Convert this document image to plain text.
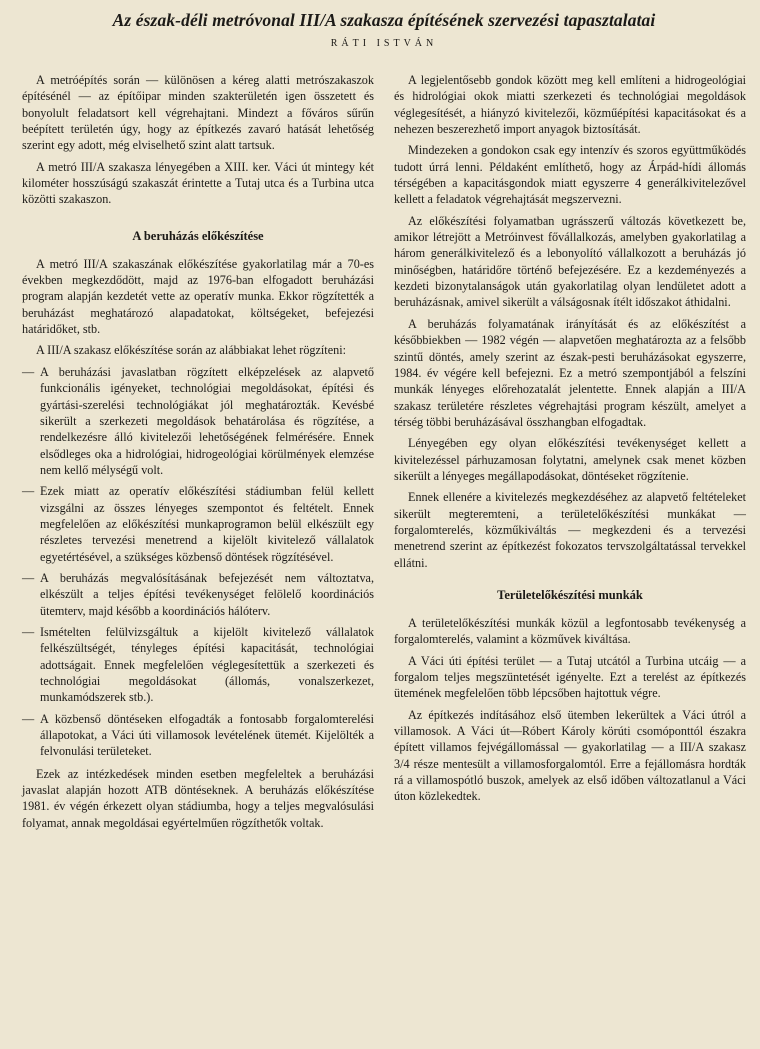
Az észak-déli metróvonal III/A szakasza építésének szervezési tapasztalatai
RÁTI ISTVÁN

A metróépítés során — különösen a kéreg alatti metrószakaszok építésénél — az építőipar minden szakterületén igen összetett és bonyolult feladatsort kell végrehajtani. Mindezt a főváros sűrűn beépített területén úgy, hogy az építkezés zavaró hatását lehetőség szerint egy adott, még elviselhető szint alatt tartsuk.

A metró III/A szakasza lényegében a XIII. ker. Váci út mintegy két kilométer hosszúságú szakaszát érintette a Tutaj utca és a Turbina utca közötti szakaszon.

A beruházás előkészítése

A metró III/A szakaszának előkészítése gyakorlatilag már a 70-es években megkezdődött, majd az 1976-ban elfogadott beruházási program alapján kezdetét vette az operatív munka. Ekkor rögzítették a beruházást meghatározó alapadatokat, költségeket, befejezési határidőket, stb.

A III/A szakasz előkészítése során az alábbiakat lehet rögzíteni:

— A beruházási javaslatban rögzített elképzelések az alapvető funkcionális igényeket, technológiai megoldásokat, építési és gyártási-szerelési technológiákat jól meghatározták. Kevésbé sikerült a szerkezeti megoldások behatárolása és rögzítése, a rendelkezésre álló kivitelezői lehetőségének felmérésére. Ennek elsődleges oka a hidrológiai, hidrogeológiai körülmények elemzése nem kellő mélységű volt.
— Ezek miatt az operatív előkészítési stádiumban felül kellett vizsgálni az összes lényeges szempontot és feltételt. Ennek megfelelően az előkészítési munkaprogramon belül elkészült egy részletes tervezési menetrend a kijelölt kivitelező vállalatok egyetértésével, a szükséges közbenső döntések rögzítésével.
— A beruházás megvalósításának befejezését nem változtatva, elkészült a teljes építési tevékenységet felölelő koordinációs ütemterv, majd később a koordinációs hálóterv.
— Ismételten felülvizsgáltuk a kijelölt kivitelező vállalatok felkészültségét, tényleges építési kapacitását, technológiai adottságait. Ennek megfelelően véglegesítettük a szerkezeti és technológiai megoldásokat (állomás, vonalszerkezet, munkamódszerek stb.).
— A közbenső döntéseken elfogadták a fontosabb forgalomterelési állapotokat, a Váci úti villamosok levételének ütemét. Kijelölték a felvonulási területeket.

Ezek az intézkedések minden esetben megfeleltek a beruházási javaslat alapján hozott ATB döntéseknek. A beruházás előkészítése 1981. év végén érkezett olyan stádiumba, hogy a teljes megvalósulási folyamat, annak megoldásai egyértelműen rögzíthetők voltak.

A legjelentősebb gondok között meg kell említeni a hidrogeológiai és hidrológiai okok miatti szerkezeti és technológiai megoldások véglegesítését, a hiányzó kivitelezői, közműépítési kapacitásokat és a nehezen beszerezhető import anyagok biztosítását.

Mindezeken a gondokon csak egy intenzív és szoros együttműködés tudott úrrá lenni. Példaként említhető, hogy az Árpád-hídi állomás térségében a kapacitásgondok miatt egyszerre 4 generálkivitelezővel kellett a feladatok végrehajtását megszervezni.

Az előkészítési folyamatban ugrásszerű változás következett be, amikor létrejött a Metróinvest fővállalkozás, amelyben gyakorlatilag a három generálkivitelező és a lebonyolító vállalkozott a beruházás jó minőségben, határidőre történő befejezésére. Ez a kezdeményezés a kezdeti bizonytalanságok után gyakorlatilag olyan lendületet adott a beruházásnak, amivel sikerült a válságosnak ítélt időszakot áthidalni.

A beruházás folyamatának irányítását és az előkészítést a későbbiekben — 1982 végén — alapvetően meghatározta az a felsőbb szintű döntés, amely szerint az észak-pesti beruházásokat egyszerre, 1984. év végére kell befejezni. Ez a metró szempontjából a felszíni munkák lényeges előrehozatalát jelentette. Ennek alapján a III/A szakasz területére részletes végrehajtási program készült, amelyet a térség többi beruházásával összhangban elfogadtak.

Lényegében egy olyan előkészítési tevékenységet kellett a kivitelezéssel párhuzamosan folytatni, amelynek csak menet közben sikerült a lényeges megállapodásokat, döntéseket rögzítenie.

Ennek ellenére a kivitelezés megkezdéséhez az alapvető feltételeket sikerült megteremteni, a területelőkészítési munkákat — forgalomterelés, közműkiváltás — megkezdeni és a tervezési menetrend szerint az építkezést fokozatos tervszolgáltatással tervekkel ellátni.

Területelőkészítési munkák

A területelőkészítési munkák közül a legfontosabb tevékenység a forgalomterelés, valamint a közművek kiváltása.

A Váci úti építési terület — a Tutaj utcától a Turbina utcáig — a forgalom teljes megszüntetését igényelte. Ezt a terelést az építkezés ütemének megfelelően több lépcsőben hajtottuk végre.

Az építkezés indításához első ütemben lekerültek a Váci útról a villamosok. A Váci út—Róbert Károly körúti csomóponttól északra épített villamos fejvégállomással — gyakorlatilag — a III/A szakasz 3/4 része mentesült a villamosforgalomtól. Erre a fejállomásra hordták rá a villamospótló buszok, amelyek az első időben változatlanul a Váci úton közlekedtek.
